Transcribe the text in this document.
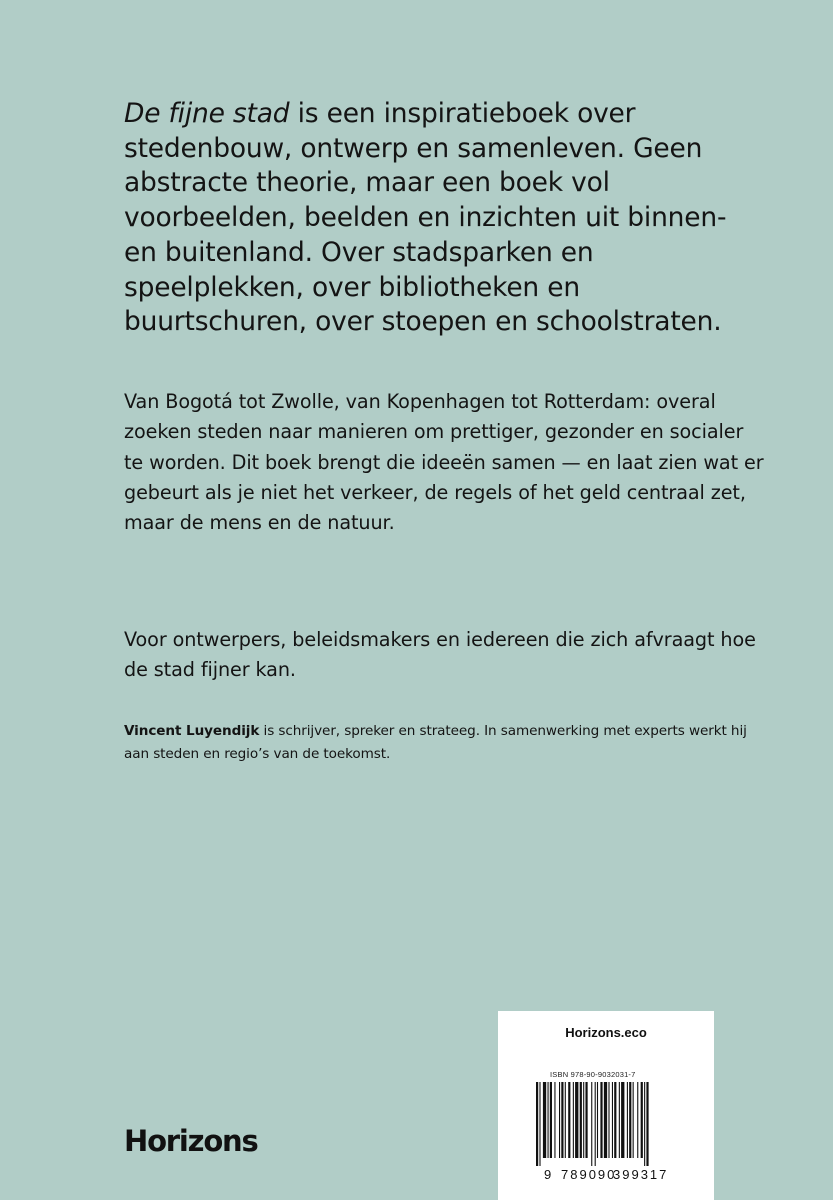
De fijne stad is een inspiratieboek over stedenbouw, ontwerp en samenleven. Geen abstracte theorie, maar een boek vol voorbeelden, beelden en inzichten uit binnen- en buitenland. Over stadsparken en speelplekken, over bibliotheken en buurtschuren, over stoepen en schoolstraten.

Van Bogotá tot Zwolle, van Kopenhagen tot Rotterdam: overal zoeken steden naar manieren om prettiger, gezonder en socialer te worden. Dit boek brengt die ideeën samen — en laat zien wat er gebeurt als je niet het verkeer, de regels of het geld centraal zet, maar de mens en de natuur.

Voor ontwerpers, beleidsmakers en iedereen die zich afvraagt hoe de stad fijner kan.

Vincent Luyendijk is schrijver, spreker en strateeg. In samenwerking met experts werkt hij aan steden en regio’s van de toekomst.

Horizons
Horizons.eco
ISBN 978-90-9032031-7
9 789090
399317
